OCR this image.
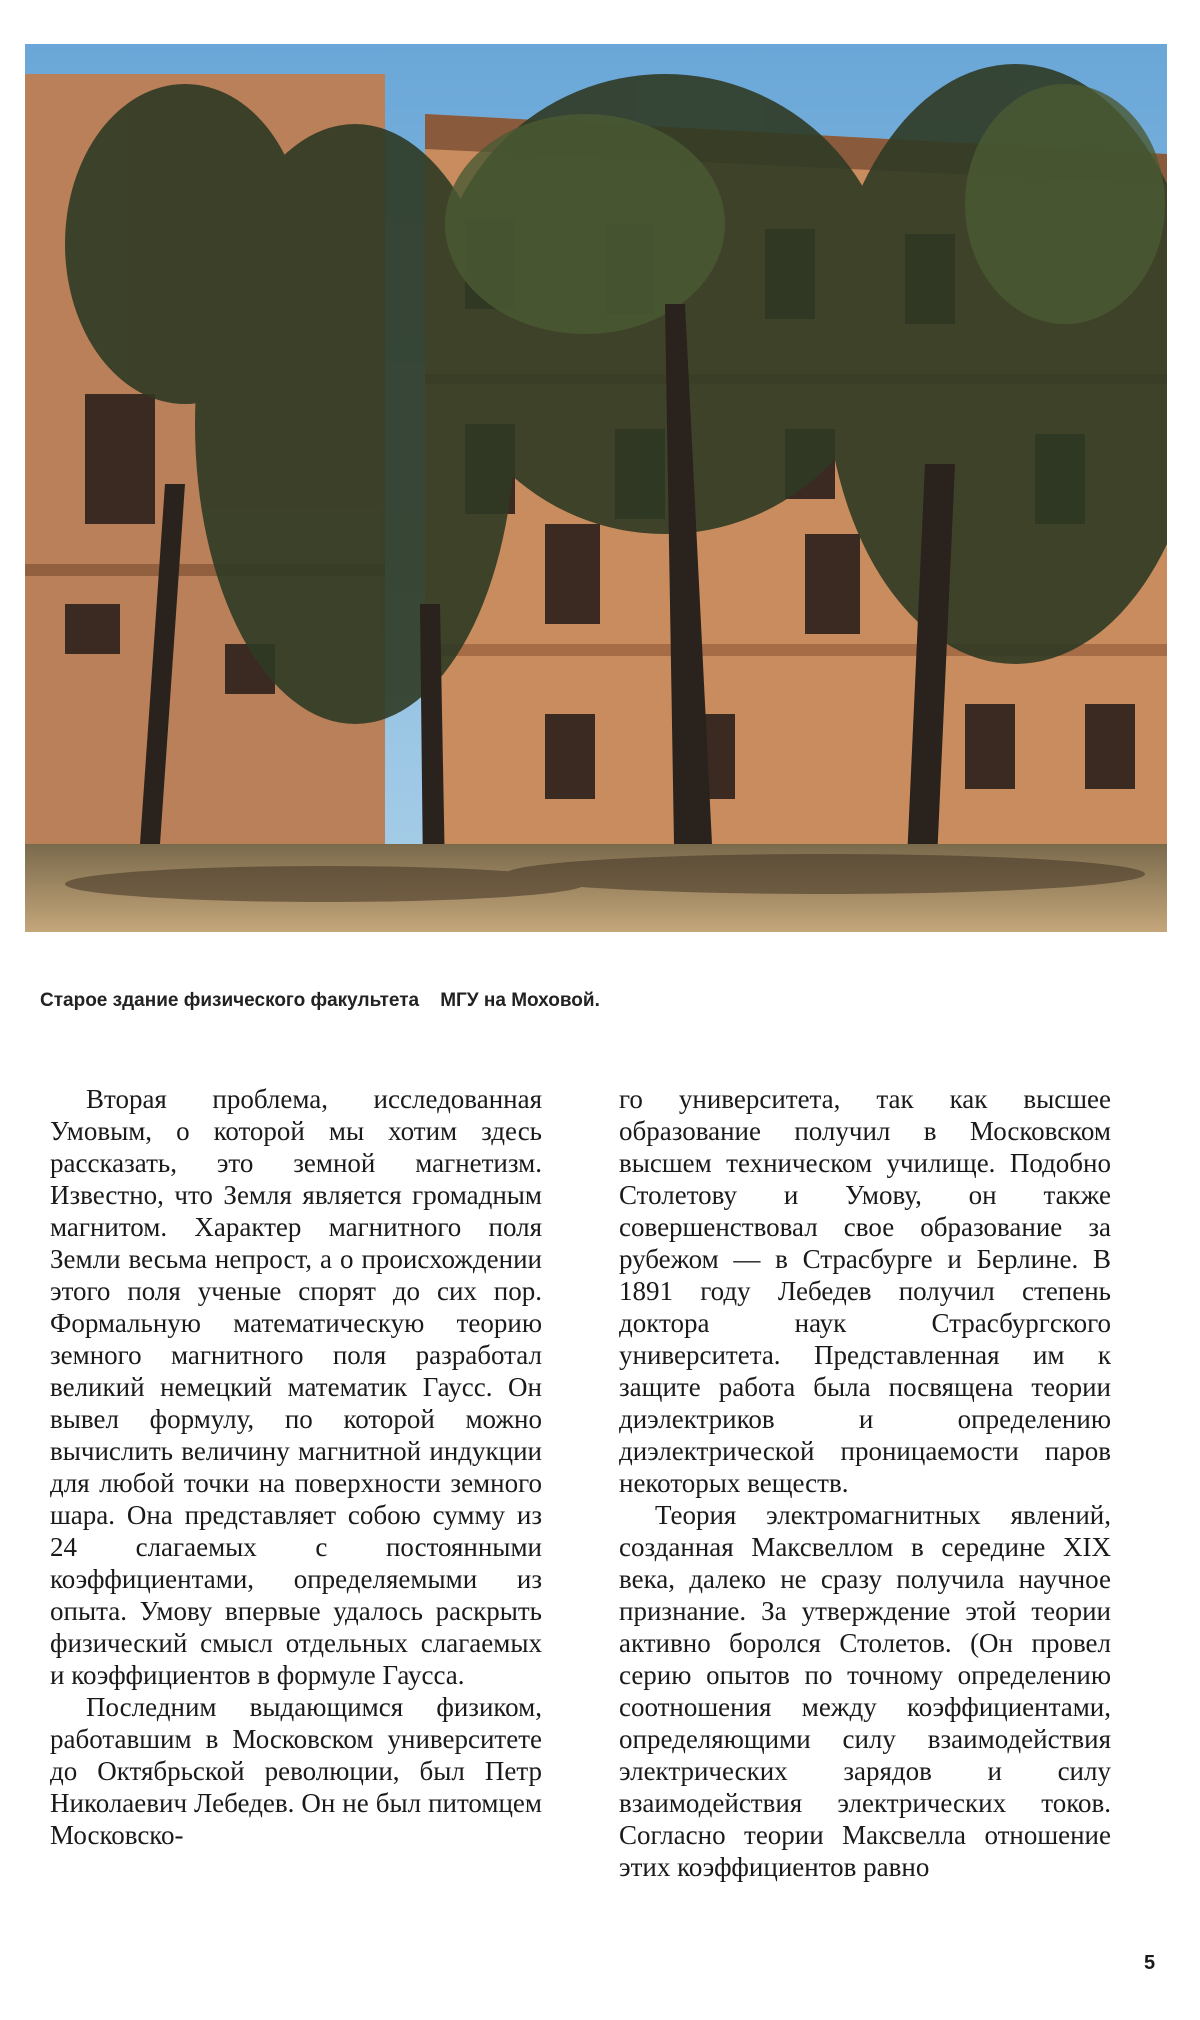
Старое здание физического факультета    МГУ на Моховой.

Вторая проблема, исследованная Умовым, о которой мы хотим здесь рассказать, это земной магнетизм. Известно, что Земля является громадным магнитом. Характер магнитного поля Земли весьма непрост, а о происхождении этого поля ученые спорят до сих пор. Формальную математическую теорию земного магнитного поля разработал великий немецкий математик Гаусс. Он вывел формулу, по которой можно вычислить величину магнитной индукции для любой точки на поверхности земного шара. Она представляет собою сумму из 24 слагаемых с постоянными коэффициентами, определяемыми из опыта. Умову впервые удалось раскрыть физический смысл отдельных слагаемых и коэффициентов в формуле Гаусса.

Последним выдающимся физиком, работавшим в Московском университете до Октябрьской революции, был Петр Николаевич Лебедев. Он не был питомцем Московско-

го университета, так как высшее образование получил в Московском высшем техническом училище. Подобно Столетову и Умову, он также совершенствовал свое образование за рубежом — в Страсбурге и Берлине. В 1891 году Лебедев получил степень доктора наук Страсбургского университета. Представленная им к защите работа была посвящена теории диэлектриков и определению диэлектрической проницаемости паров некоторых веществ.

Теория электромагнитных явлений, созданная Максвеллом в середине XIX века, далеко не сразу получила научное признание. За утверждение этой теории активно боролся Столетов. (Он провел серию опытов по точному определению соотношения между коэффициентами, определяющими силу взаимодействия электрических зарядов и силу взаимодействия электрических токов. Согласно теории Максвелла отношение этих коэффициентов равно

5
